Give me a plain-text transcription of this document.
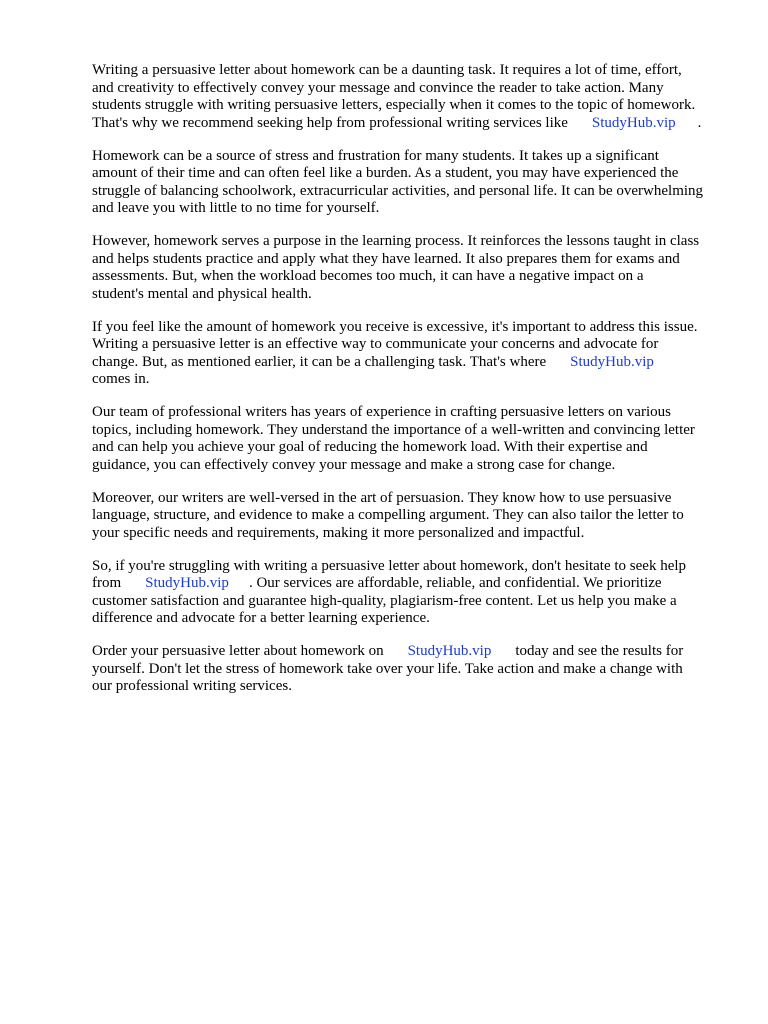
Writing a persuasive letter about homework can be a daunting task. It requires a lot of time, effort,
and creativity to effectively convey your message and convince the reader to take action. Many
students struggle with writing persuasive letters, especially when it comes to the topic of homework.
That's why we recommend seeking help from professional writing services like StudyHub.vip .

Homework can be a source of stress and frustration for many students. It takes up a significant
amount of their time and can often feel like a burden. As a student, you may have experienced the
struggle of balancing schoolwork, extracurricular activities, and personal life. It can be overwhelming
and leave you with little to no time for yourself.

However, homework serves a purpose in the learning process. It reinforces the lessons taught in class
and helps students practice and apply what they have learned. It also prepares them for exams and
assessments. But, when the workload becomes too much, it can have a negative impact on a
student's mental and physical health.

If you feel like the amount of homework you receive is excessive, it's important to address this issue.
Writing a persuasive letter is an effective way to communicate your concerns and advocate for
change. But, as mentioned earlier, it can be a challenging task. That's where StudyHub.vip
comes in.

Our team of professional writers has years of experience in crafting persuasive letters on various
topics, including homework. They understand the importance of a well-written and convincing letter
and can help you achieve your goal of reducing the homework load. With their expertise and
guidance, you can effectively convey your message and make a strong case for change.

Moreover, our writers are well-versed in the art of persuasion. They know how to use persuasive
language, structure, and evidence to make a compelling argument. They can also tailor the letter to
your specific needs and requirements, making it more personalized and impactful.

So, if you're struggling with writing a persuasive letter about homework, don't hesitate to seek help
from StudyHub.vip . Our services are affordable, reliable, and confidential. We prioritize
customer satisfaction and guarantee high-quality, plagiarism-free content. Let us help you make a
difference and advocate for a better learning experience.

Order your persuasive letter about homework on StudyHub.vip today and see the results for
yourself. Don't let the stress of homework take over your life. Take action and make a change with
our professional writing services.
